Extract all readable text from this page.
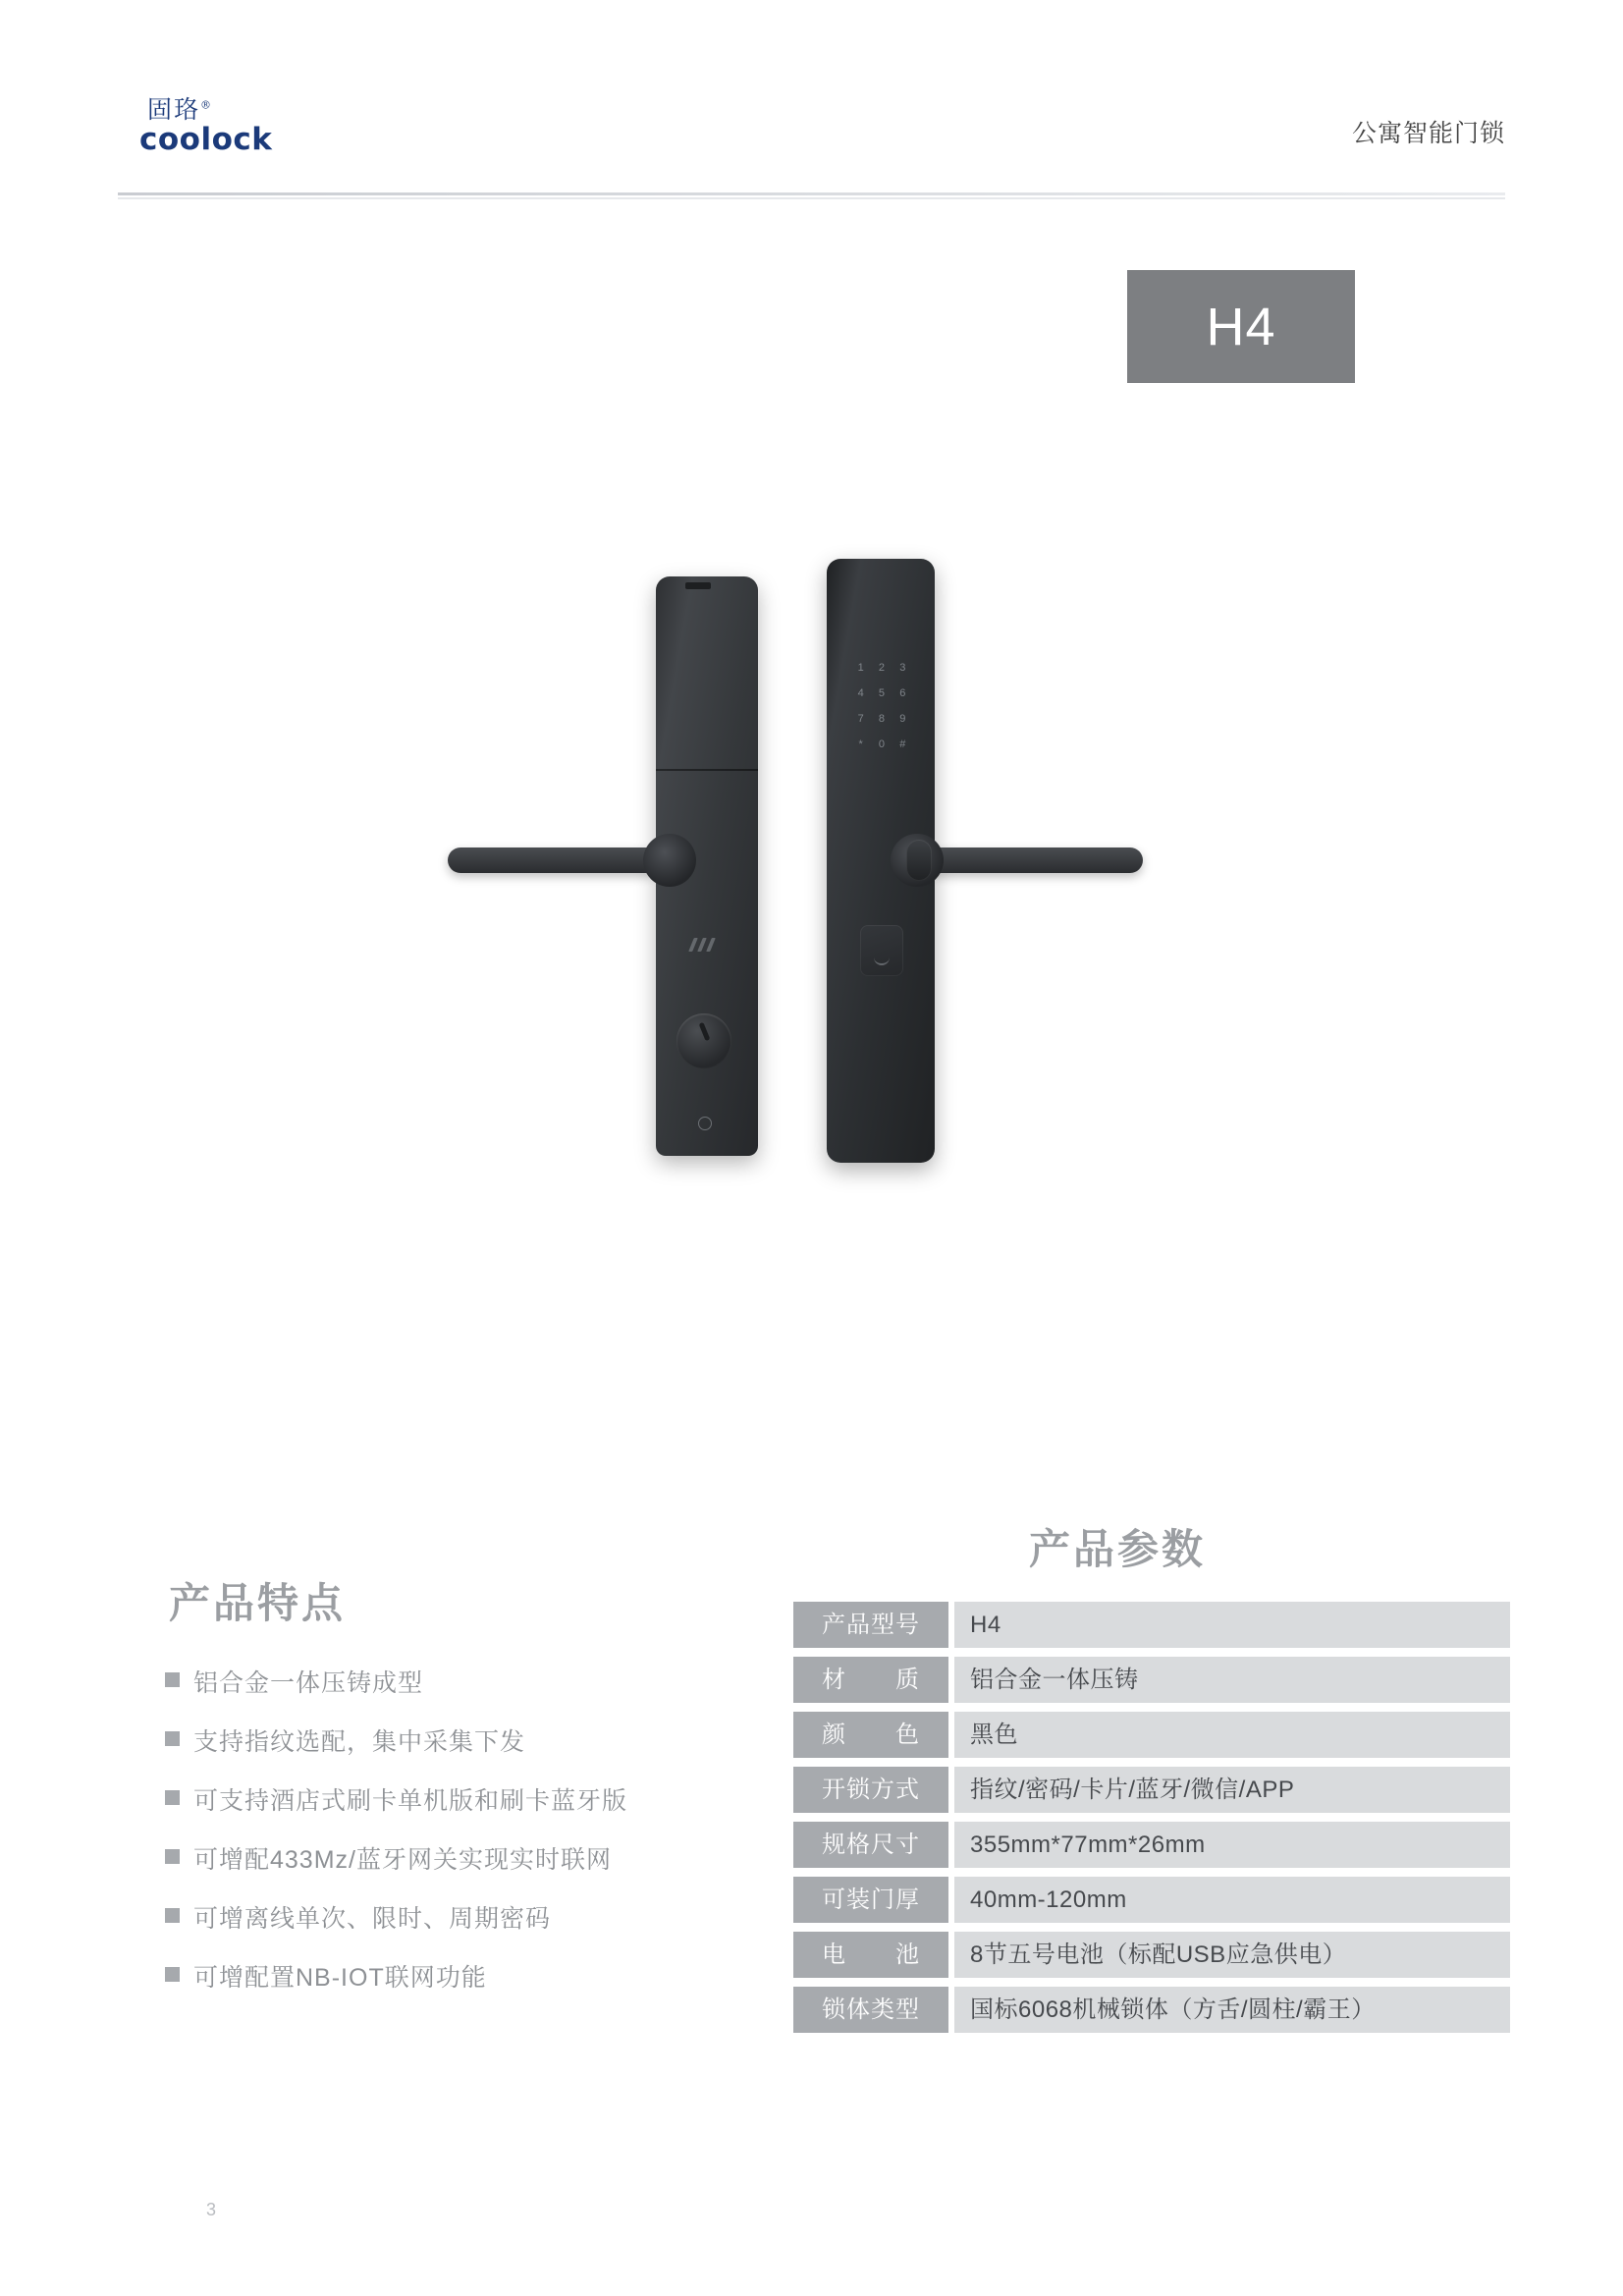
固珞®
coolock	公寓智能门锁
H4
1	2	3
4	5	6
7	8	9
*	0	#
产品特点
铝合金一体压铸成型
支持指纹选配，集中采集下发
可支持酒店式刷卡单机版和刷卡蓝牙版
可增配433Mz/蓝牙网关实现实时联网
可增离线单次、限时、周期密码
可增配置NB-IOT联网功能
产品参数
产品型号	H4
材　　质	铝合金一体压铸
颜　　色	黑色
开锁方式	指纹/密码/卡片/蓝牙/微信/APP
规格尺寸	355mm*77mm*26mm
可装门厚	40mm-120mm
电　　池	8节五号电池（标配USB应急供电）
锁体类型	国标6068机械锁体（方舌/圆柱/霸王）
3
